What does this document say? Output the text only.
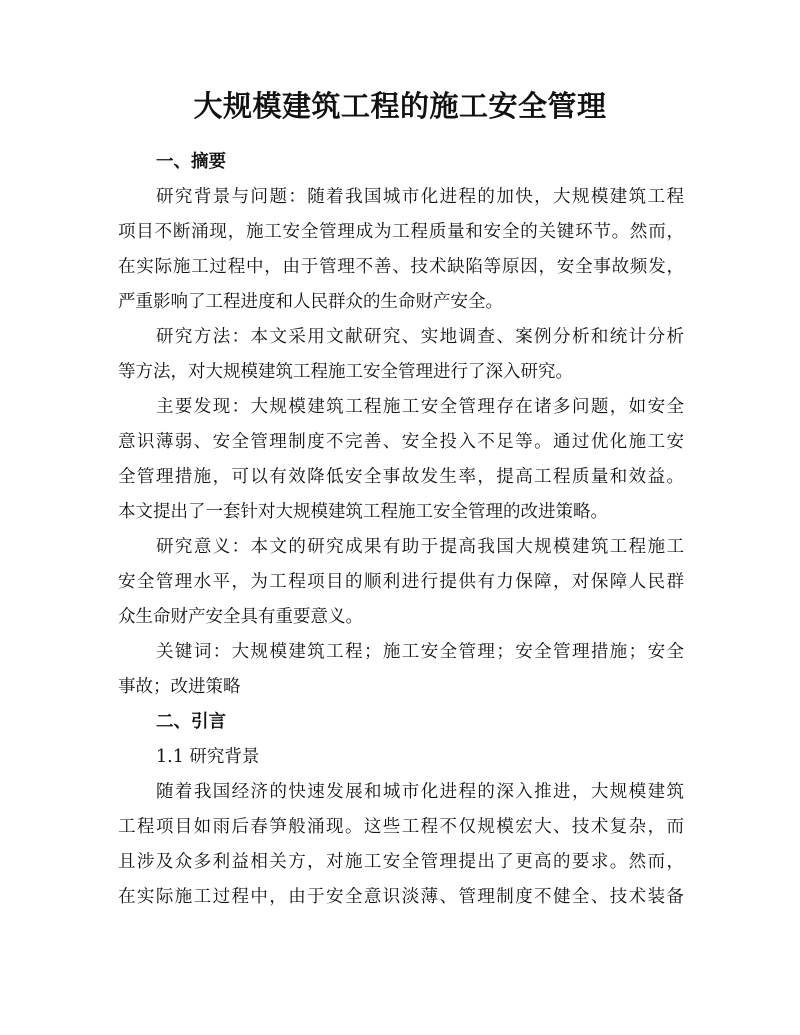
大规模建筑工程的施工安全管理
一、摘要
研究背景与问题：随着我国城市化进程的加快，大规模建筑工程
项目不断涌现，施工安全管理成为工程质量和安全的关键环节。然而，
在实际施工过程中，由于管理不善、技术缺陷等原因，安全事故频发，
严重影响了工程进度和人民群众的生命财产安全。
研究方法：本文采用文献研究、实地调查、案例分析和统计分析
等方法，对大规模建筑工程施工安全管理进行了深入研究。
主要发现：大规模建筑工程施工安全管理存在诸多问题，如安全
意识薄弱、安全管理制度不完善、安全投入不足等。通过优化施工安
全管理措施，可以有效降低安全事故发生率，提高工程质量和效益。
本文提出了一套针对大规模建筑工程施工安全管理的改进策略。
研究意义：本文的研究成果有助于提高我国大规模建筑工程施工
安全管理水平，为工程项目的顺利进行提供有力保障，对保障人民群
众生命财产安全具有重要意义。
关键词：大规模建筑工程；施工安全管理；安全管理措施；安全
事故；改进策略
二、引言
1.1 研究背景
随着我国经济的快速发展和城市化进程的深入推进，大规模建筑
工程项目如雨后春笋般涌现。这些工程不仅规模宏大、技术复杂，而
且涉及众多利益相关方，对施工安全管理提出了更高的要求。然而，
在实际施工过程中，由于安全意识淡薄、管理制度不健全、技术装备
